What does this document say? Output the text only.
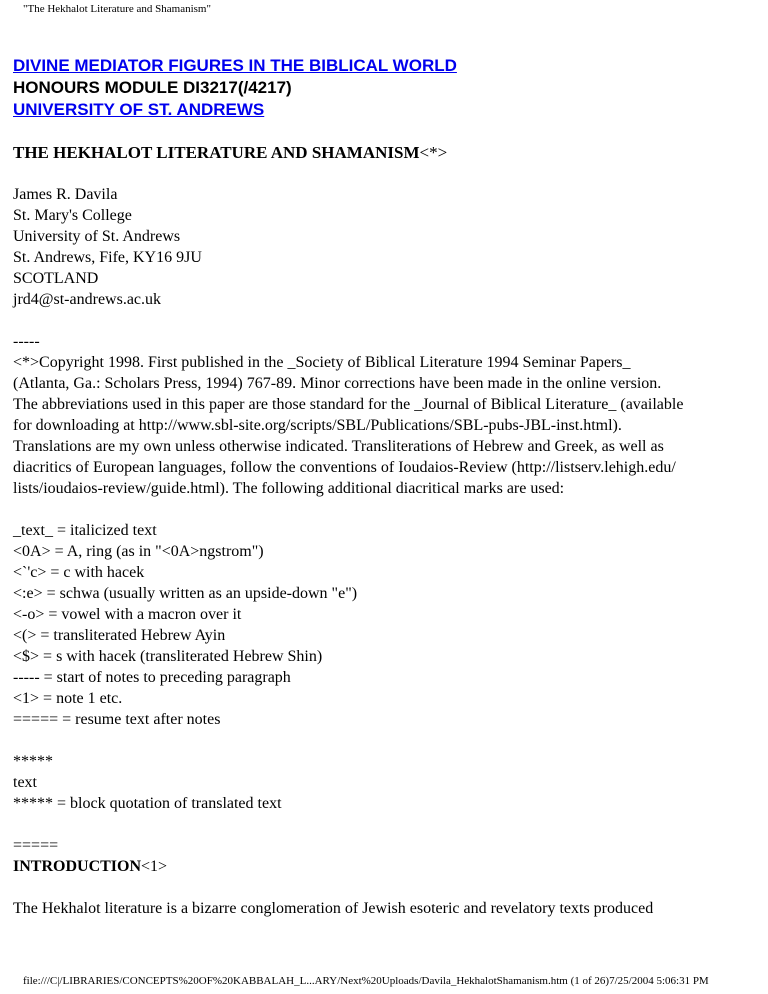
"The Hekhalot Literature and Shamanism"
DIVINE MEDIATOR FIGURES IN THE BIBLICAL WORLD
HONOURS MODULE DI3217(/4217)
UNIVERSITY OF ST. ANDREWS
THE HEKHALOT LITERATURE AND SHAMANISM<*>
James R. Davila
St. Mary's College
University of St. Andrews
St. Andrews, Fife, KY16 9JU
SCOTLAND
jrd4@st-andrews.ac.uk
-----
<*>Copyright 1998. First published in the _Society of Biblical Literature 1994 Seminar Papers_
(Atlanta, Ga.: Scholars Press, 1994) 767-89. Minor corrections have been made in the online version.
The abbreviations used in this paper are those standard for the _Journal of Biblical Literature_ (available
for downloading at http://www.sbl-site.org/scripts/SBL/Publications/SBL-pubs-JBL-inst.html).
Translations are my own unless otherwise indicated. Transliterations of Hebrew and Greek, as well as
diacritics of European languages, follow the conventions of Ioudaios-Review (http://listserv.lehigh.edu/
lists/ioudaios-review/guide.html). The following additional diacritical marks are used:
_text_ = italicized text
<0A> = A, ring (as in "<0A>ngstrom")
<`'c> = c with hacek
<:e> = schwa (usually written as an upside-down "e")
<-o> = vowel with a macron over it
<(> = transliterated Hebrew Ayin
<$> = s with hacek (transliterated Hebrew Shin)
----- = start of notes to preceding paragraph
<1> = note 1 etc.
===== = resume text after notes
*****
text
***** = block quotation of translated text
=====
INTRODUCTION<1>
The Hekhalot literature is a bizarre conglomeration of Jewish esoteric and revelatory texts produced
file:///C|/LIBRARIES/CONCEPTS%20OF%20KABBALAH_L...ARY/Next%20Uploads/Davila_HekhalotShamanism.htm (1 of 26)7/25/2004 5:06:31 PM
